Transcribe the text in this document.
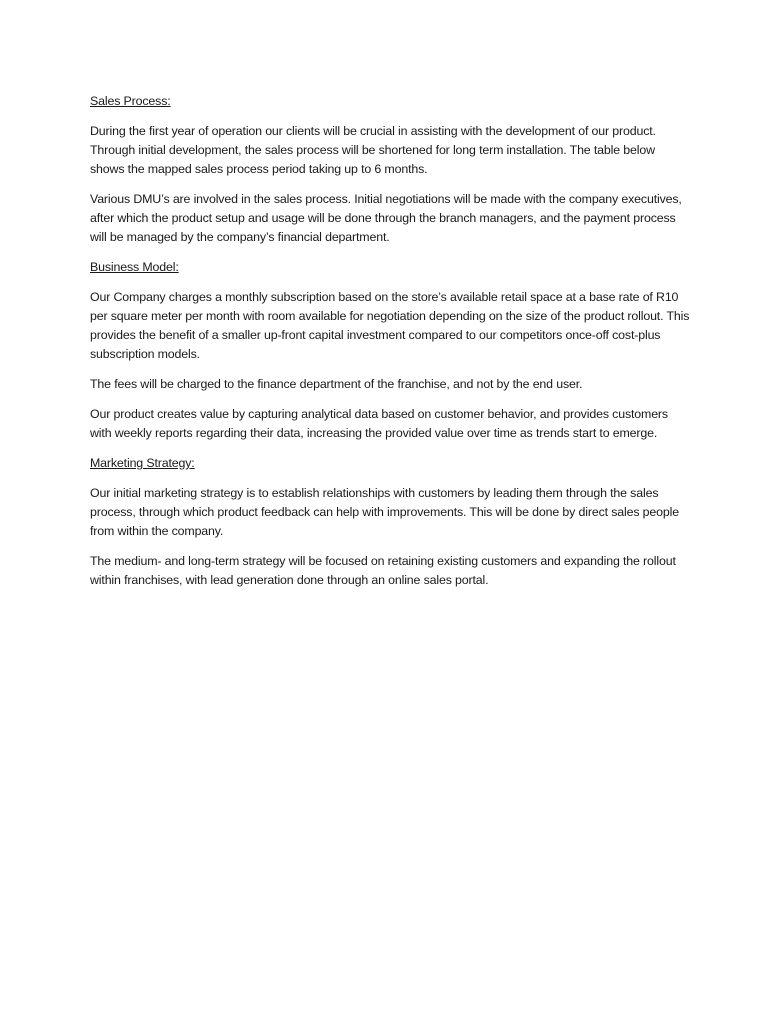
Sales Process:

During the first year of operation our clients will be crucial in assisting with the development of our product. Through initial development, the sales process will be shortened for long term installation. The table below shows the mapped sales process period taking up to 6 months.

Various DMU’s are involved in the sales process. Initial negotiations will be made with the company executives, after which the product setup and usage will be done through the branch managers, and the payment process will be managed by the company’s financial department.

Business Model:

Our Company charges a monthly subscription based on the store’s available retail space at a base rate of R10 per square meter per month with room available for negotiation depending on the size of the product rollout. This provides the benefit of a smaller up-front capital investment compared to our competitors once-off cost-plus subscription models.

The fees will be charged to the finance department of the franchise, and not by the end user.

Our product creates value by capturing analytical data based on customer behavior, and provides customers with weekly reports regarding their data, increasing the provided value over time as trends start to emerge.

Marketing Strategy:

Our initial marketing strategy is to establish relationships with customers by leading them through the sales process, through which product feedback can help with improvements. This will be done by direct sales people from within the company.

The medium- and long-term strategy will be focused on retaining existing customers and expanding the rollout within franchises, with lead generation done through an online sales portal.
